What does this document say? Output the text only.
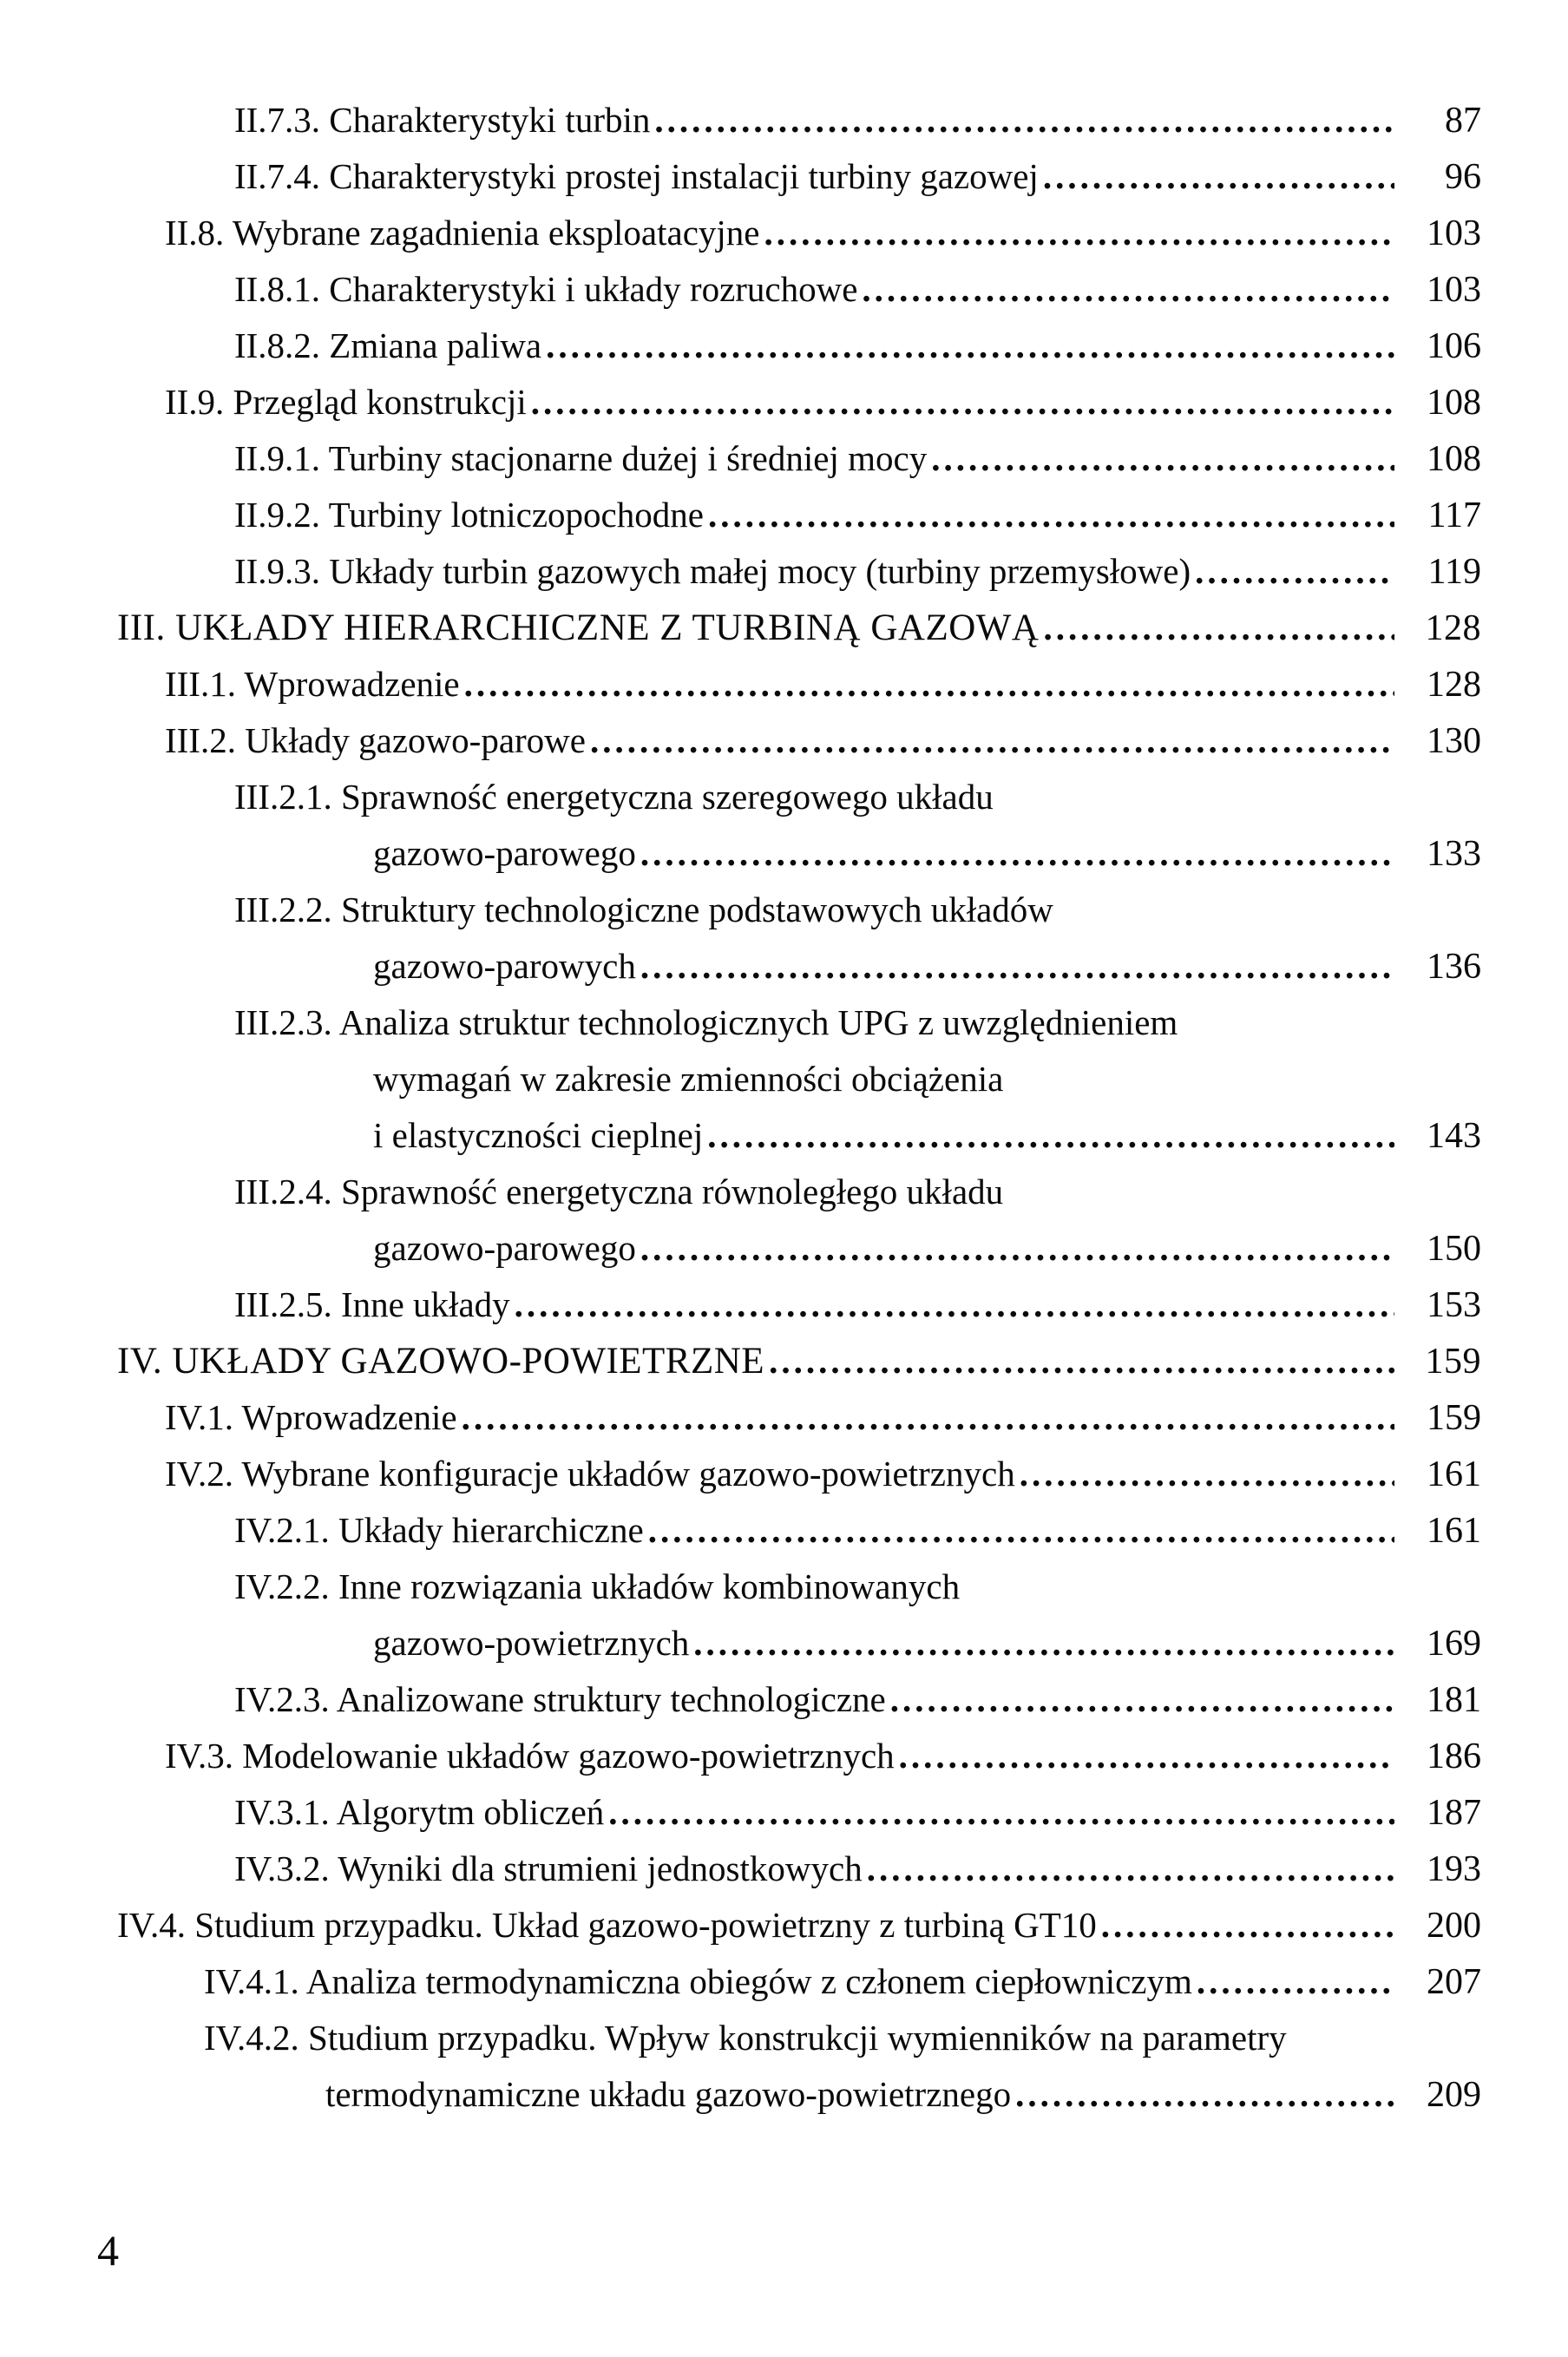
II.7.3. Charakterystyki turbin .....	87
II.7.4. Charakterystyki prostej instalacji turbiny gazowej .....	96
II.8. Wybrane zagadnienia eksploatacyjne .....	103
II.8.1. Charakterystyki i układy rozruchowe .....	103
II.8.2. Zmiana paliwa .....	106
II.9. Przegląd konstrukcji .....	108
II.9.1. Turbiny stacjonarne dużej i średniej mocy .....	108
II.9.2. Turbiny lotniczopochodne .....	117
II.9.3. Układy turbin gazowych małej mocy (turbiny przemysłowe) .....	119
III. UKŁADY HIERARCHICZNE Z TURBINĄ GAZOWĄ .....	128
III.1. Wprowadzenie .....	128
III.2. Układy gazowo-parowe .....	130
III.2.1. Sprawność energetyczna szeregowego układu
gazowo-parowego .....	133
III.2.2. Struktury technologiczne podstawowych układów
gazowo-parowych .....	136
III.2.3. Analiza struktur technologicznych UPG z uwzględnieniem
wymagań w zakresie zmienności obciążenia
i elastyczności cieplnej .....	143
III.2.4. Sprawność energetyczna równoległego układu
gazowo-parowego .....	150
III.2.5. Inne układy .....	153
IV. UKŁADY GAZOWO-POWIETRZNE .....	159
IV.1. Wprowadzenie .....	159
IV.2. Wybrane konfiguracje układów gazowo-powietrznych .....	161
IV.2.1. Układy hierarchiczne .....	161
IV.2.2. Inne rozwiązania układów kombinowanych
gazowo-powietrznych .....	169
IV.2.3. Analizowane struktury technologiczne .....	181
IV.3. Modelowanie układów gazowo-powietrznych .....	186
IV.3.1. Algorytm obliczeń .....	187
IV.3.2. Wyniki dla strumieni jednostkowych .....	193
IV.4. Studium przypadku. Układ gazowo-powietrzny z turbiną GT10 .....	200
IV.4.1. Analiza termodynamiczna obiegów z członem ciepłowniczym .....	207
IV.4.2. Studium przypadku. Wpływ konstrukcji wymienników na parametry
termodynamiczne układu gazowo-powietrznego .....	209
4
